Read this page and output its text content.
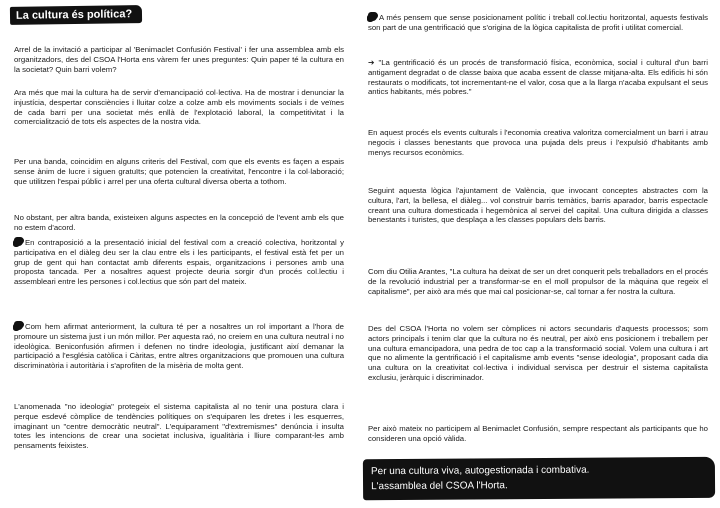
La cultura és política?

Arrel de la invitació a participar al 'Benimaclet Confusión Festival' i fer una assemblea amb els organitzadors, des del CSOA l'Horta ens vàrem fer unes preguntes: Quin paper té la cultura en la societat? Quin barri volem?

Ara més que mai la cultura ha de servir d'emancipació col·lectiva. Ha de mostrar i denunciar la injustícia, despertar consciències i lluitar colze a colze amb els moviments socials i de veïnes de cada barri per una societat més enllà de l'explotació laboral, la competitivitat i la comercialització de tots els aspectes de la nostra vida.

Per una banda, coincidim en alguns criteris del Festival, com que els events es façen a espais sense ànim de lucre i siguen gratuïts; que potencien la creativitat, l'encontre i la col·laboració; que utilitzen l'espai públic i arrel per una oferta cultural diversa oberta a tothom.

No obstant, per altra banda, existeixen alguns aspectes en la concepció de l'event amb els que no estem d'acord.

En contraposició a la presentació inicial del festival com a creació colectiva, horitzontal y participativa en el diàleg deu ser la clau entre els i les participants, el festival està fet per un grup de gent qui han contactat amb diferents espais, organitzacions i persones amb una proposta tancada. Per a nosaltres aquest projecte deuria sorgir d'un procés col.lectiu i assembleari entre les persones i col.lectius que són part del mateix.

Com hem afirmat anteriorment, la cultura té per a nosaltres un rol important a l'hora de promoure un sistema just i un món millor. Per aquesta raó, no creiem en una cultura neutral i no ideològica. Beniconfusión afirmen i defenen no tindre ideologia, justificant així demanar la participació a l'església catòlica i Càritas, entre altres organitzacions que promouen una cultura discriminatòria i autoritària i s'aprofiten de la misèria de molta gent.

L'anomenada "no ideologia" protegeix el sistema capitalista al no tenir una postura clara i perque esdevé còmplice de tendències polítiques on s'equiparen les dretes i les esquerres, imaginant un "centre democràtic neutral". L'equiparament "d'extremismes" denúncia i insulta totes les intencions de crear una societat inclusiva, igualitària i lliure comparant-les amb pensaments feixistes.

A més pensem que sense posicionament polític i treball col.lectiu horitzontal, aquests festivals son part de una gentrificació que s'origina de la lògica capitalista de profit i utilitat comercial.

➔ "La gentrificació és un procés de transformació física, econòmica, social i cultural d'un barri antigament degradat o de classe baixa que acaba essent de classe mitjana-alta. Els edificis hi són restaurats o modificats, tot incrementant-ne el valor, cosa que a la llarga n'acaba expulsant el seus antics habitants, més pobres."

En aquest procés els events culturals i l'economia creativa valoritza comercialment un barri i atrau negocis i classes benestants que provoca una pujada dels preus i l'expulsió d'habitants amb menys recursos econòmics.

Seguint aquesta lògica l'ajuntament de València, que invocant conceptes abstractes com la cultura, l'art, la bellesa, el diàleg... vol construir barris temàtics, barris aparador, barris espectacle creant una cultura domesticada i hegemònica al servei del capital. Una cultura dirigida a classes benestants i turistes, que desplaça a les classes populars dels barris.

Com diu Otilia Arantes, "La cultura ha deixat de ser un dret conquerit pels treballadors en el procés de la revolució industrial per a transformar-se en el moll propulsor de la màquina que regeix el capitalisme", per això ara més que mai cal posicionar-se, cal tornar a fer nostra la cultura.

Des del CSOA l'Horta no volem ser còmplices ni actors secundaris d'aquests processos; som actors principals i tenim clar que la cultura no és neutral, per això ens posicionem i treballem per una cultura emancipadora, una pedra de toc cap a la transformació social. Volem una cultura i art que no alimente la gentrificació i el capitalisme amb events "sense ideologia", proposant cada dia una cultura on la creativitat col·lectiva i individual servisca per destruir el sistema capitalista exclusiu, jeràrquic i discriminador.

Per això mateix no participem al Benimaclet Confusión, sempre respectant als participants que ho consideren una opció vàlida.

Per una cultura viva, autogestionada i combativa.
L'assamblea del CSOA l'Horta.
